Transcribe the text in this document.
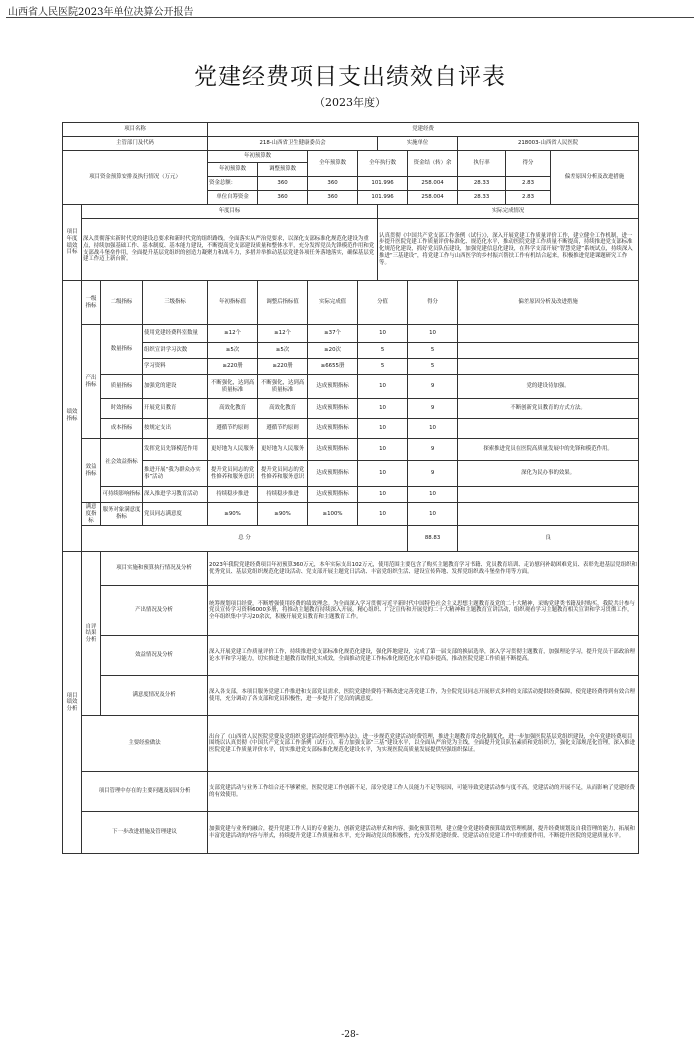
山西省人民医院2023年单位决算公开报告
党建经费项目支出绩效自评表
（2023年度）
项目名称				党建经费								
主管部门及代码				218-山西省卫生健康委员会				实施单位		218003-山西省人民医院		
项目资金预算安排及执行情况（万元）				年初预算数		全年预算数	全年执行数		资金结（转）余	执行率	得分	偏差原因分析及改进措施
				年初预算数	调整预算数							
				资金总额：	360	360	101.996		258.004	28.33	2.83	
				单位自筹资金	360	360	101.996		258.004	28.33	2.83	
项目年度绩效目标	年度目标							实际完成情况				
	深入贯彻落实新时代党的建设总要求和新时代党的组织路线，全面落实从严治党要求，以深化支部标准化规范化建设为重点，持续加强基础工作、基本制度、基本能力建设，不断提高党支部建设质量和整体水平，充分发挥党员先锋模范作用和党支部战斗堡垒作用，全面提升基层党组织的创造力凝聚力和战斗力，多措并举推动基层党建各项任务落地落实，确保基层党建工作迈上新台阶。							认真贯彻《中国共产党支部工作条例（试行）》，深入开展党建工作质量评价工作，建立健全工作机制，进一步提升医院党建工作质量评价标准化、规范化水平，推动医院党建工作质量不断提高，持续推进党支部标准化规范化建设，抓好党员队伍建设，加强党建信息化建设，在科学支部开展“智慧党建”系统试点，持续深入推进“三基建设”，将党建工作与山西医学的乡村振兴帮扶工作有机结合起来，积极推进党建课题研究工作等。				
绩效指标	一级指标	二级指标	三级指标	年初指标值	调整后指标值	实际完成值	分值		得分	偏差原因分析及改进措施		
	产出指标	数量指标	使用党建经费科室数量	≥12个	≥12个	≥37个	10		10			
			组织宣讲学习次数	≥5次	≥5次	≥20次	5		5			
			学习资料	≥220册	≥220册	≥6655册	5		5			
		质量指标	加强党的建设	不断强化，达到高质量标准	不断强化，达到高质量标准	达成预期指标	10		9	党的建设待加强。		
		时效指标	开展党员教育	高效化教育	高效化教育	达成预期指标	10		9	不断创新党员教育的方式方法。		
		成本指标	按规定支出	遵循节约原则	遵循节约原则	达成预期指标	10		10			
	效益指标	社会效益指标	发挥党员先锋模范作用	更好地为人民服务	更好地为人民服务	达成预期指标	10		9	探索推进党员在医院高质量发展中的先锋和模范作用。		
			推进开展“我为群众办实事”活动	提升党员同志的党性修养和服务意识	提升党员同志的党性修养和服务意识	达成预期指标	10		9	深化为民办事的效果。		
		可持续影响指标	深入推进学习教育活动	持续稳步推进	持续稳步推进	达成预期指标	10		10			
	满意度指标	服务对象满意度指标	党员同志满意度	≥90%	≥90%	≥100%	10		10			
	总 分								88.83	良		
项目绩效分析	自评结果分析	项目实施和预算执行情况及分析		2023年我院党建经费项目年初预算360万元，本年实际支出102万元，使用范围主要包含了购买主题教育学习书籍、党员教育培训、走访慰问补助困难党员、表彰先进基层党组织和优秀党员、基层党组织规范化建设活动、党支部开展主题党日活动、丰富党组织生活、建设宣传阵地、发挥党组织战斗堡垒作用等方面。								
		产出情况及分析		统筹规划项目经费，不断增强使用经费的绩效理念。为全面深入学习贯彻习近平新时代中国特色社会主义思想主题教育及党的二十大精神，采购党建类书籍及时购买，我院共计参与党员宣传学习资料6000多册，将推动主题教育持续深入开展。精心组织、广泛宣传和开展党的二十大精神和主题教育宣讲活动，组织观看学习主题教育相关宣讲和学习贯彻工作，全年组织集中学习20余次，积极开展党员教育和主题教育工作。								
		效益情况及分析		深入开展党建工作质量评价工作，持续推进党支部标准化规范化建设，强化阵地建设，完成了第一届支部的换届选举，深入学习贯彻主题教育，加强理论学习，提升党员干部政治理论水平和学习能力，切实推进主题教育取得扎实成效，全面推动党建工作标准化规范化水平稳步提高，推动医院党建工作质量不断提高。								
		满意度情况及分析		深入各支部，本项目服务党建工作推进和支部党员需求，医院党建经费将不断改进完善党建工作，为全院党员同志开展形式多样的支部活动提供经费保障，使党建经费得到有效合理使用，充分调动了各支部和党员积极性，进一步提升了党员的满意度。								
	主要经验做法			出台了《山西省人民医院党费及党组织党建活动经费管理办法》，进一步规范党建活动经费管理，推进主题教育常态化制度化，进一步加强医院基层党组织建设，全年党建经费项目围绕以认真贯彻《中国共产党支部工作条例（试行）》，着力加强支部“三基”建设水平，以全面从严治党为主线，全面提升党员队伍素质和党组织力，强化支部规范化管理，深入推进医院党建工作质量评价水平，切实推进党支部标准化规范化建设水平，为实现医院高质量发展提供坚强组织保证。								
	项目管理中存在的主要问题及原因分析			支部党建活动与业务工作结合还不够紧密，医院党建工作创新不足，部分党建工作人员能力不足等原因，可能导致党建活动参与度不高，党建活动的开展不足，从而影响了党建经费的有效使用。								
	下一步改进措施及管理建议			加强党建与业务的融合，提升党建工作人员的专业能力，创新党建活动形式和内容，强化预算管理，建立健全党建经费预算绩效管理机制，提升经费规划及自我管理的能力，拓展和丰富党建活动的内容与形式，持续提升党建工作质量和水平，充分调动党员的积极性，充分发挥党建经费、党建活动在党建工作中的重要作用，不断提升医院的党建质量水平。								
-28-
